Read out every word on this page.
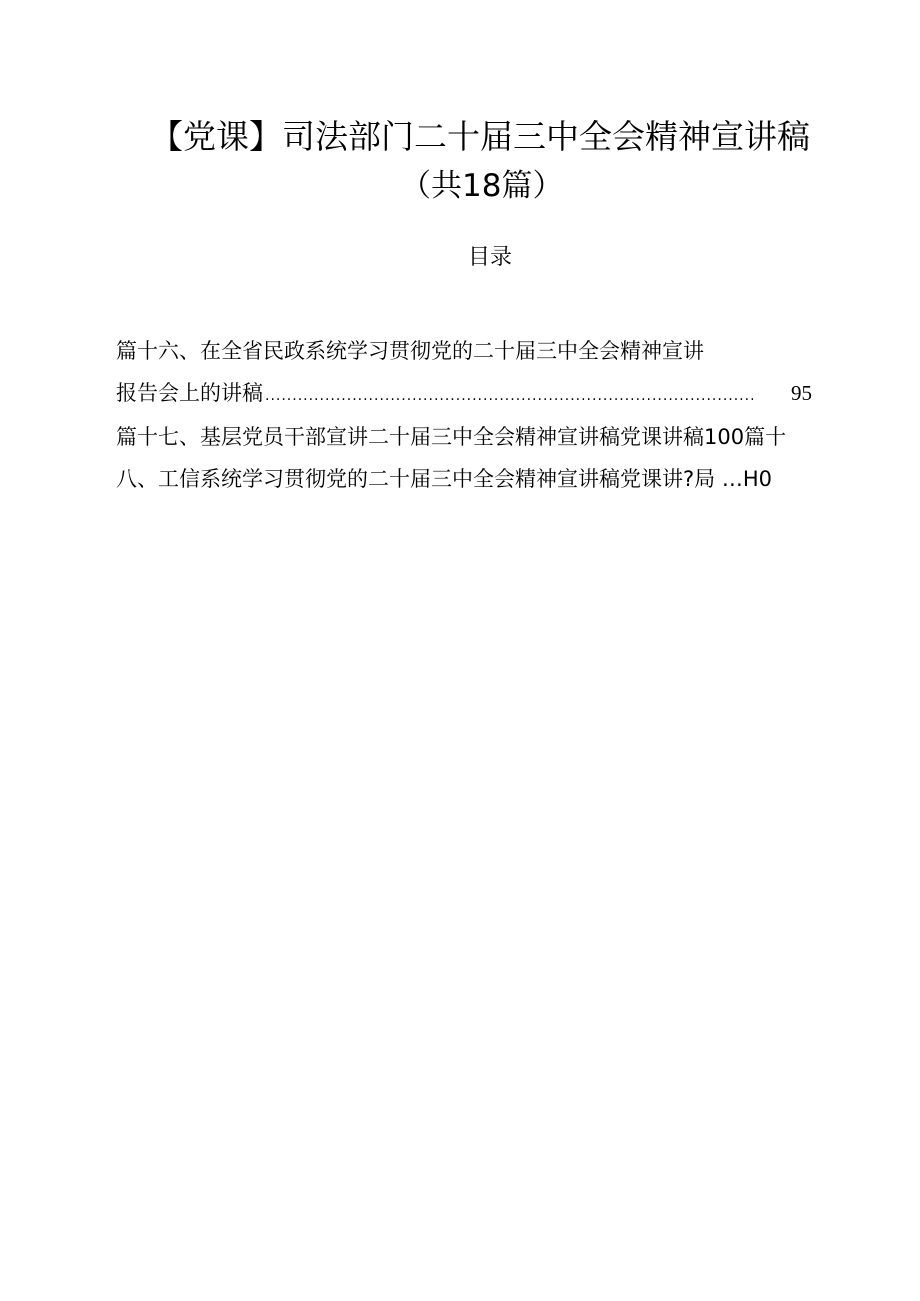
【党课】司法部门二十届三中全会精神宣讲稿
（共18篇）
目录
篇十六、在全省民政系统学习贯彻党的二十届三中全会精神宣讲
报告会上的讲稿 ..........................................................................................	95
篇十七、基层党员干部宣讲二十届三中全会精神宣讲稿党课讲稿100篇十
八、工信系统学习贯彻党的二十届三中全会精神宣讲稿党课讲?局 …H0
